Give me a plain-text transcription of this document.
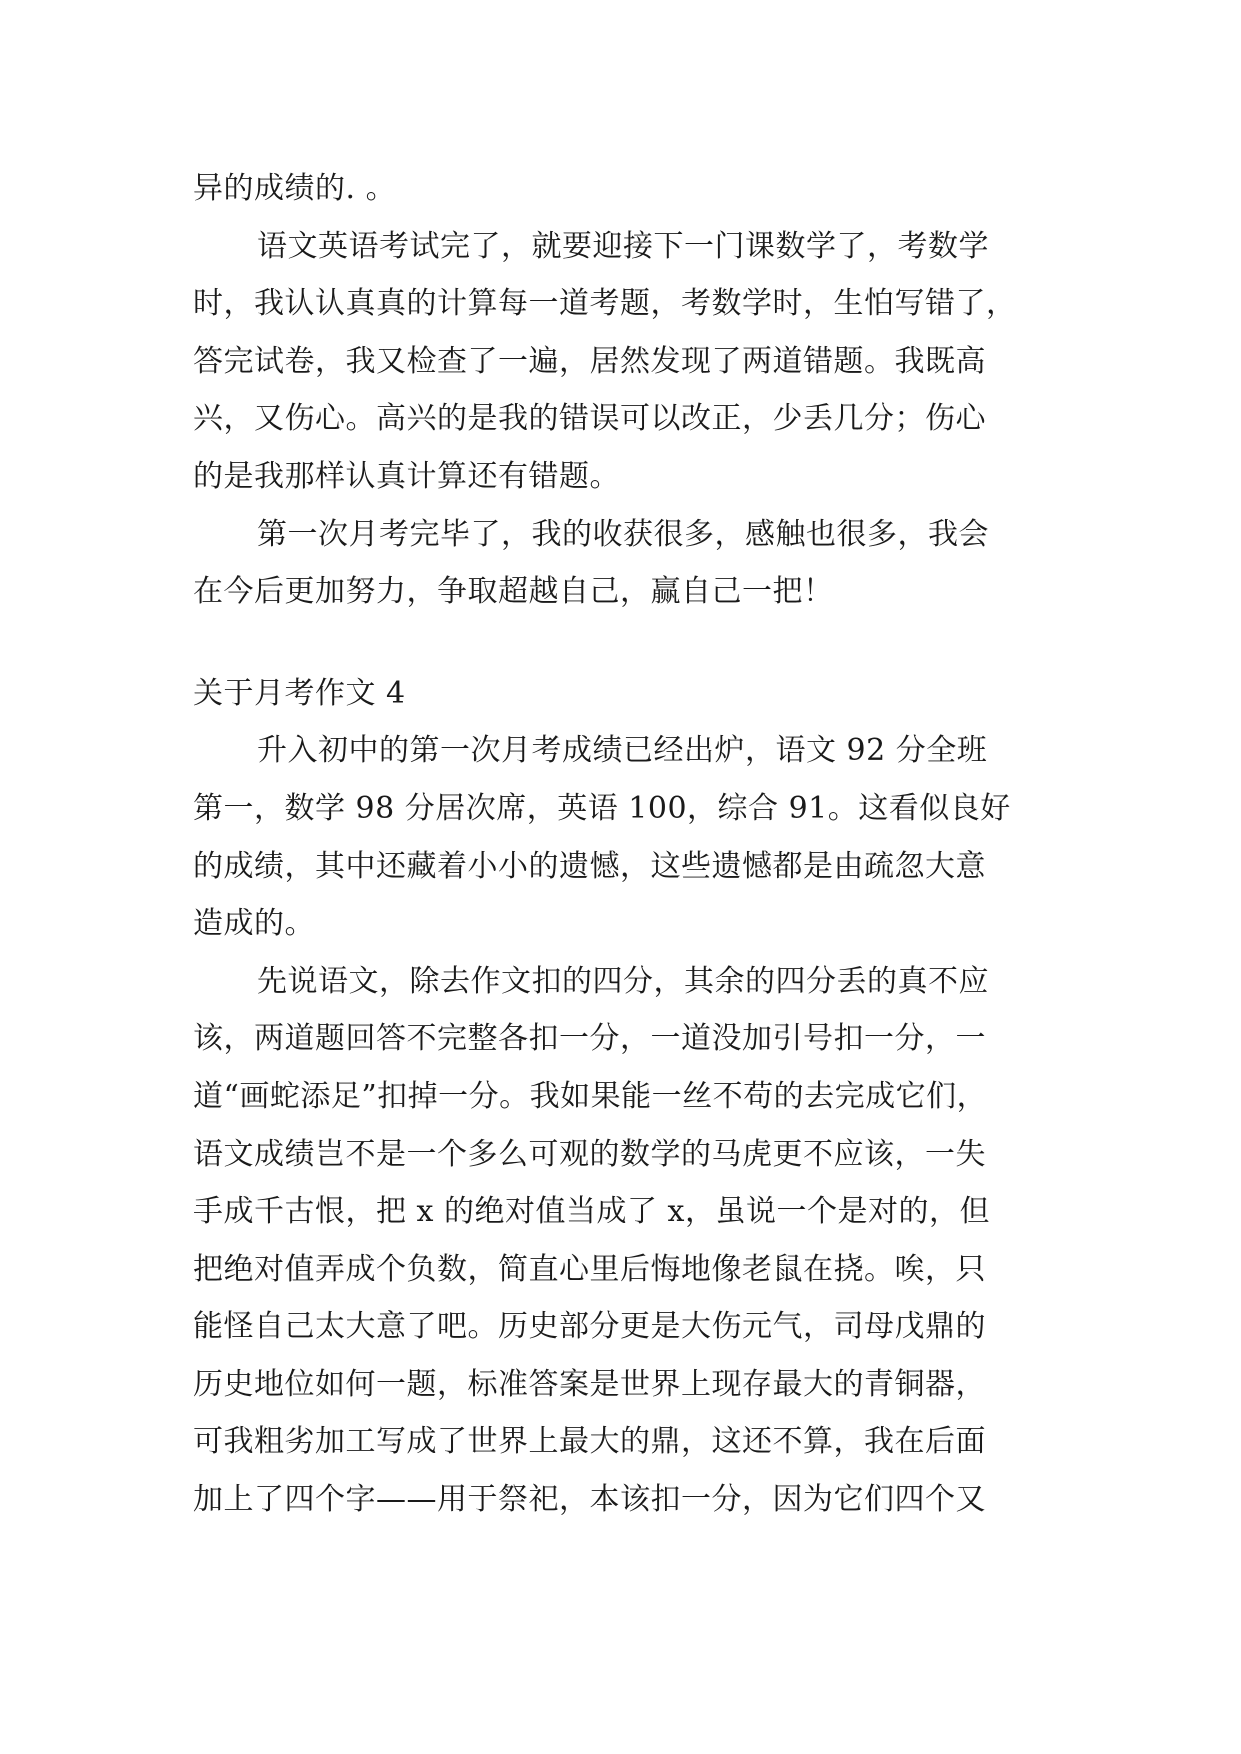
异的成绩的. 。

语文英语考试完了，就要迎接下一门课数学了，考数学
时，我认认真真的计算每一道考题，考数学时，生怕写错了，
答完试卷，我又检查了一遍，居然发现了两道错题。我既高
兴，又伤心。高兴的是我的错误可以改正，少丢几分；伤心
的是我那样认真计算还有错题。

第一次月考完毕了，我的收获很多，感触也很多，我会
在今后更加努力，争取超越自己，赢自己一把！

关于月考作文 4

升入初中的第一次月考成绩已经出炉，语文 92 分全班
第一，数学 98 分居次席，英语 100，综合 91。这看似良好
的成绩，其中还藏着小小的遗憾，这些遗憾都是由疏忽大意
造成的。

先说语文，除去作文扣的四分，其余的四分丢的真不应
该，两道题回答不完整各扣一分，一道没加引号扣一分，一
道“画蛇添足”扣掉一分。我如果能一丝不苟的去完成它们，
语文成绩岂不是一个多么可观的数学的马虎更不应该，一失
手成千古恨，把 x 的绝对值当成了 x，虽说一个是对的，但
把绝对值弄成个负数，简直心里后悔地像老鼠在挠。唉，只
能怪自己太大意了吧。历史部分更是大伤元气，司母戊鼎的
历史地位如何一题，标准答案是世界上现存最大的青铜器，
可我粗劣加工写成了世界上最大的鼎，这还不算，我在后面
加上了四个字——用于祭祀，本该扣一分，因为它们四个又
